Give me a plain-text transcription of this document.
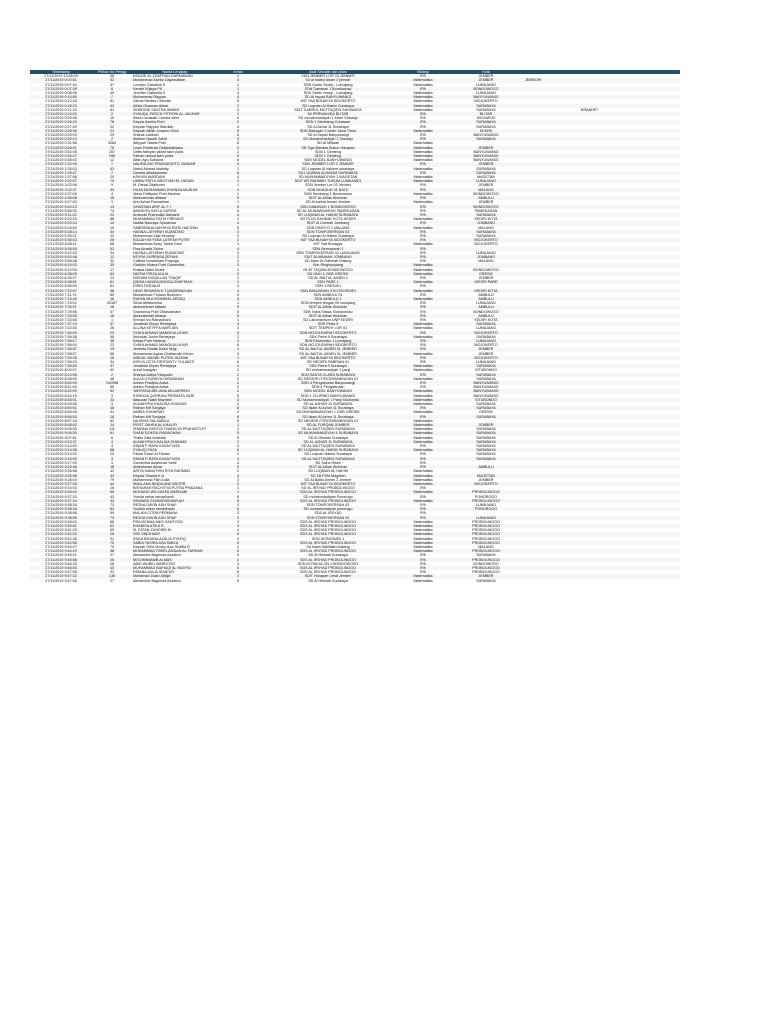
Timestamp	Pilihan Ke-Pengg	Nama Lengkap	Kelas	Asal Sekolah dan Alam	Bidang	Kota		
27/11/2019 13:56:09	36	KENZIE AL ZHAFRAN DARMAWAN	4	SDN JEMBER LOR 03 JEMBER	IPA	JEMBER		
27/11/2019 0:00:51	52	Muhammad Alvriliz Dayanustian	4	Sd al badrul anam 2 jember	Matematika	JEMBER	JEMBOH!	
27/11/2019 0:07:34	37	Lovelyn Caisalius S	1	SDN Santo Yosep - Lumajang	Matematika	LUMAJANG		
27/11/2019 0:07:39	6	Kenzie Wijaya PK	1	SDN Dabasah 1 Bondowoso	IPA	BONDOWOSO		
27/11/2019 0:08:06	49	Jennifer Gabriella S	3	SDK Santo Yosep - Lumajang	Matematika	LUMAJANG		
27/11/2019 0:10:55	7	Muhammad Rayyan	4	SD Al Irsyad BANYUWANGI	Matematika	BANYUWANGI		
27/11/2019 0:12:34	61	Zahria Medisa Celestia	5	MIT YAA BUNAYYA SIDOKERTO	Matematika	MOJOKERTO		
27/11/2019 0:18:23	43	Athila Ghassan Akbar	2	SD Luqman Al Hakim Surabaya	Matematika	SURABAYA		
27/11/2019 0:21:24	61	ZINEDINE SASTRA AKBAR	3	SDIT DARRUL MUTTAQIEN SURABAYA	Matematika	SURABAYA		BRANDE?
27/11/2019 0:24:03	2	SYAUQIL FATICH FITRONI AL-JAUHAR	1	MI PERWANIDA BLITAR	IPA	BLITAR		
27/11/2019 0:25:06	15	Kisra Lanasaki Candra dewi	6	SD muhammadiyah 1 Krian Sidoarjo	IPA	SIDOARJO		
27/11/2019 0:26:23	78	Keyzia Asmila Putri	2	SDN 1 Medeleng Cohawan	IPA	SURABAYA		
27/11/2019 0:27:09	22	Keyzah Rayyan Wardlah	4	SD Al Azhar 11 Surabaya	IPA	SURABAYA		
27/11/2019 0:28:36	21	Keyzah Alifah Jusanto Sholi	5	SDN Baringan 2 kediri Jawa Timur	Matematika	KEDIRI		
27/11/2019 0:29:03	29	Shania Labibah	6	SD Al Irsyad Banyuwangi	IPA	BANYUWANGI		
27/11/2019 0:30:23	2	Ibrahim Naufal Zahid	3	SD Muhammadiyah 1 Sidoarjo	IPA	SURABAYA		
27/11/2019 0:31:56	3084	Alfiyyah Tsabia Putri	6	SD Al Miftaah	Matematika			
27/11/2019 0:46:41	78	Louis Frederick Drajbotabijaan	2	SD Tiga Bahasa Bukun Harapan	Matematika	JEMBER		
27/11/2019 0:52:05	287	Daffa fathiyan akbar fakri putra	2	SDN 1 Genteng	Matematika	BANYUWANGI		
27/11/2019 0:54:27	156	Fathan ulwiza fakri putra	5	SDN 1 Genteng	Matematika	BANYUWANGI		
27/11/2019 0:58:03	12	Alfan Ayu Subakra	6	SDN MODEL BANYUWANGI	Matematika	BANYUWANGI		
27/11/2019 1:20:09	7	NAUFALINO PRAMUDIHTO JANUAR	4	SDN JEMBER LOR 3 JEMBER	IPA	JEMBER		
27/11/2019 1:26:03	63	Naruli Ahmad khalidty	1	SD Luqman Al hakiem surabaya	Matematika	SURABAYA		
27/11/2019 1:29:47	7	Daroba alfadlauneas	6	SD LUQMAN ALHAKIM SURABAYA	IPA	SURABAYA		
27/11/2019 1:37:58	20	ASHVIN WARDANI	4	SD MUHAMMADIYAH 1 MAGETAN	Matematika	MAGETAN		
27/11/2019 2:02:07	79	UMMU FATHI ZAKIYYAH EL HASAN	3	SDIT AR RAHMAH TUKUM LUMAJANG	Matematika	LUMAJANG		
27/11/2019 3:02:06	9	M. Faisal Zitathown	1	SDN Jember Lor 03 Jember	IPA	JEMBER		
27/11/2019 3:32:37	33	HILMI MUHAMMAD KHANSA MUSLIM	4	SDN NGAGLIK 01 BATU	IPA	MALANG		
27/11/2019 3:37:09	4	Vieva Faffiyutul Putri Aizahra	1	SDN Kembang 1 Bondowoso	Matematika	BONDOWOSO		
27/11/2019 4:56:08	18	Abdurahman alfasar	5	SDIT Al-Athas Wuluhan	IPA	AMBULU		
27/11/2019 5:07:02	1	Ann Azhar Ramadhan	1	SD Al-baihal Amani Jember	Matematika	JEMBER		
27/11/2019 5:40:13	13	GHASSAN ARIF AL F. I	6	SDN DABASAH 1 BONDOWOSO	IPA	BONDOWOSO		
27/11/2019 5:56:30	74	ANINDITA SAYLA SAFIRA	6	SD AL MUNAWWARAH PAMEKASAN	IPA	PAMEKASAN		
27/11/2019 5:11:03	23	Amanda Pramodita Darsanti	4	SD LUQMAN AL HAKIM SURABAYA	IPA	SURABAYA		
27/11/2019 5:20:15	88	MUHAMMAD FATIH FIRDAUS	2	SD PLUS RAHMAT KOTA KEDIRI	Matematika	KEDIRI KOTA		
27/11/2019 5:22:34	14	Nabila Nauraya Syaravina	4	SDIT Al Ummah Jombang	IPA	JOMBANG		
27/11/2019 5:26:00	10	SABRIENNA NASHIYA RIZKI HAFIZAH	5	SDN DINOYO 1 MALANG	Matematika	MALANG		
27/11/2019 5:28:14	34	HASNA LATHIFAH SUANDINO	3	SDN TOMPOKERSAN 03	IPA	SURABAYA		
27/11/2019 5:35:21	13	Muhammad Zaki Munduy	2	SD Luqman Al Hakim Surabaya	IPA	SURABAYA		
27/11/2019 5:36:03	26	KIZLAH KEYSHA LATIFAH PUTRI	2	MIT YAA BUNAYYA SIDOKERTO	IPA	MOJOKERTO		
27/11/2019 5:38:11	68	Muhammad Azizy Taufal Gani	1	MIT Yaa Bunayya	Matematika	MOJOKERTO		
27/11/2019 5:38:55	51	Fina Amalia Zahra	4	SDN Bernoporan 1	IPA			
27/11/2019 5:42:33	34	HASNA LATHIFAH SUANDINO	3	SDN TOMPOKERSAN 03 LUMAJANG	IPA	LUMAJANG		
27/11/2019 5:53:48	12	KEYRA SURENSA ZEFANI	2	SDIT ALMINHAH JOMBANG	IPA	JOMBANG		
27/11/2019 5:58:48	32	Callista Nuraidham Prayoga	2	SD Alam Ar Rahmah Malang	IPA	MALANG		
27/11/2019 6:15:03	35	Gladhio Kirana Putri Gumendra	3	Sdn Ringinpoyang	Matematika			
27/11/2019 6:22:05	17	Khaisa Natul Kirani	1	MI AT TAQWA BONDOWOSO	Matematika	BONDOWOSO		
27/11/2019 6:28:09	64	NAYRA FIRZA AULIA	3	SD MUH 1 GKB GRESIK	Matematika	GRESIK		
27/11/2019 6:36:37	13	NIZHAM RIZQILLAH TSAQIF	2	SD AL BAITUL AMIEN 2	IPA	JEMBER		
27/11/2019 6:38:01	61	QINSA HANIFA MUNGA ZHAFIRAH	1	SDN PARE 1	Matematika	KEDIRI PARE		
27/11/2019 6:56:00	51	DIRIN FIRDAUS	2	SDN 1 BESUKI	IPA			
27/11/2019 7:10:07	38	DEWI SEKARAYU TJANDRAWLAN	4	SDN BANJARAN II KOTA KEDIRI	Matematika	KEDIRI KOTA		
27/11/2019 7:11:74	69	Muhammad Firdaus Bushoiro	5	SDN AMBULU 01	IPA	AMBULU		
27/11/2019 7:15:49	16	RAFAN MUCHSINIRAL ARZAQ	5	SDN AMBULU 1	Matematika	AMBULU		
27/11/2019 7:19:02	03187	Silvia Afifatunnisa	1	SDN tempeh tengah 05 lumajang	IPA	LUMAJANG		
27/11/2019 7:26:21	18	abdurahman alfasar	5	SDIT Al-Athas Wuluhan	IPA	AMBULU		
27/11/2019 7:29:55	37	Grazianna Putri Oktaviantara	5	SDK Indra Siswa, Bondowoso	IPA	BONDOWOSO		
27/11/2019 7:33:05	18	Abdurahman Alfasar	5	SDIT Al-Athas Wuluhan	IPA	AMBULU		
27/11/2019 7:33:56	1	Khmad Ivo Ramadhani	1	SD Laboratorium UNP KEDIRI	IPA	KEDIRI KOTA		
27/11/2019 7:37:19	37	Jonathan Bryan Reniejaya	4	SDK Petra 9	Matematika	SURABAYA		
27/11/2019 7:42:00	26	ALLINA KEYFFA MARLIAN	3	SDIT TEMPEH LOR 01	Matematika	LUMAJANG		
27/11/2019 7:50:09	23	SYAHLAHMAD MANGKULUHUR	6	SDN MOJOLEMPAH SIDOKERTO	IPA	MOJOKERTO		
27/11/2019 7:56:38	96	Nicholas Justin Reniejaya	2	SDK Petra 9 Surabaya	Matematika	SURABAYA		
27/11/2019 7:56:17	38	Kesya Putri Hadima	3	SDN Ekstrumbo 1 Lumajang	IPA	LUMAJANG		
27/11/2019 7:56:04	23	SYAHLAHMAD MANGKULUHUR	6	SDN MOJOLEMPAH SIDOKERTO	IPA	MOJOKERTO		
27/11/2019 7:58:57	19	Jeneeta Shafia Dzikri Nugi	1	SD AL BAITUL AMIEN 01 JEMBER	IPA	JEMBER		
27/11/2019 7:58:57	58	Muhammad Aghar Ghafarudin Nrtom	3	SD AL BAITUL AMIEN 01 JEMBER	Matematika	JEMBER		
27/11/2019 7:59:26	18	AINDAL NASAK PUTRA JAZEIMI	1	MIT YAA BUNAYYA SIDOKERTO	IPA	MOJOKERTO		
27/11/2019 7:59:23	34	KESYA OCTA FIRSTANTY YULIANTI	6	SD NEGERI PABRIAN 01	IPA	LUMAJANG		
27/11/2019 7:56:53	37	Jonathan Bryan Reniejaya	4	SDK Petra 9 Surabaya	Matematika	SURABAYA		
27/11/2019 8:00:07	42	Ariraf Ivaqiyah	2	SD muhammadiyah 1 panji	Matematika	SITUBONDO		
27/11/2019 8:10:55	2	Shanya Adilya Vituyadiu	2	SDN SANTA CLARA SURABAYA	IPA	SURABAYA		
27/11/2019 8:38:05	48	AULIA UTUNNYIU BISWANAH	2	SD NEGERI OTRODIRANINGAN 01	Matematika	SURABAYA		
27/11/2019 8:40:00	142058	Adrian Pradipta Adiva	2	SDN 4 Pengatrusan Banyuwangi	IPA	BANYUWANGI		
27/11/2019 8:41:00	59	Adrian Pradipta Adiva	2	SDN 4 Pengatrusan	IPA	BANYUWANGI		
27/11/2019 8:42:00	52	TARSSIVA BELIANA AKLAIRREDI	2	SDN MODEL BANYUWANGI	Matematika	BANYUWANGI		
27/11/2019 8:44:15	3	ESSINZA QURRANI PERMATA SARI	5	SDN 1 CLURING BANYUWANGI	Matematika	BANYUWANGI		
27/11/2019 8:48:01	23	Alfauzan Nabil Mayhew	3	SD Muhammadiyah 1 Panji Situbondo	Matematika	SITUBONDO		
27/11/2019 8:48:05	3	ALMAHYRA KHALISA SHANUM	2	SD AL AZHAR 11 SURABAYA	Matematika	SURABAYA		
27/11/2019 8:50:01	16	Raihan Kift Sanjaya	6	SD Islam Al Azhar 11 Surabaya	IPA	SURABAYA		
27/11/2019 8:56:46	41	AMIRA SYAHIRAH	2	SD MUHAMMADIYAH 1 GKB GRESIK	Matematika	GRESIK		
27/11/2019 8:56:50	16	Raihan Kift Sanjaya	6	SD Islam Al Azhar 11 Surabaya	IPA	SURABAYA		
27/11/2019 8:57:18	62	NAJISHA SALSABILA	5	SD NEGERI OTRODIRANINGAN 01	Matematika			
27/11/2019 8:58:02	14	FIRST ZAHRA AL KHALIFI	1	SD AL FURQAN JEMBER	Matematika	JEMBER		
27/11/2019 9:05:00	111	ZHANNA FAEZYA THAFALYA PRAHASTUTI	2	SD AL MUTTAQIEN SURABAYA	Matematika	SURABAYA		
27/11/2019 9:06:30	61	SHAM DZIKRU RAMADHAN	5	SD MUHAMMADIYAH 4 SURABAYA	Matematika	SURABAYA		
27/11/2019 9:07:51	6	Thalia Zafa Anandia	5	SD Al Hikmah Surabaya	Matematika	SURABAYA		
27/11/2019 9:13:37	3	ALMAHYRA KHALISA SHANUM	2	SD AL AZHAR 11 SURABAYA	Matematika	SURABAYA		
27/11/2019 9:14:00	4	KINANTI RAFA KASAYYATA	3	SD AL MUTTAQIEN SURABAYA	IPA	SURABAYA		
27/11/2019 9:14:38	68	SYAUQI FAZA	6	SD LUQMAN AL HAKIM SURABAYA	Matematika	SURABAYA		
27/11/2019 9:14:52	20	Faizal Ghazi Al Fanani	2	SD Luqman Hakim Surabaya	IPA	SURABAYA		
27/11/2019 9:15:05	3	KINANTI RAFA KASAYYATA	3	SD AL MUTTAQIEN SURABAYA	IPA	SURABAYA		
27/11/2019 9:17:00	3	Gundhirsa Aziahmad Sesti	4	SD Sains Risen	IPA			
27/11/2019 9:25:38	18	Abdrahman Afizar	5	SDIT Al-Athas Wuluhan	IPA	AMBULU		
27/11/2019 9:26:58	43	ARIYA KAMUTHIN RIYA RAHMAN	2	SD LUQMAN AL HAKIM	Matematika			
27/11/2019 9:26:58	43	Keyzia Ghania K.A	4	SD 1B PSM Magetan	Matematika	MAGETAN		
27/11/2019 9:28:04	79	Muhammad Fikri Aulia	3	SD Al Baitul Amien 2 Jember	Matematika	JEMBER		
27/11/2019 9:27:05	44	MAULANA NINDILAND WATER	2	MIT YAA BUNAYYA SIDOKERTO	Matematika	MOJOKERTO		
27/11/2019 9:34:03	26	BISYARAH RACHITYA PUTRA PRADANA	1	SD AL IRSYAD PROBOLINGGO	IPA			
27/11/2019 9:36:00	66	MOHANO WILSHAFA WARDANI	1	SDS AL IRSYAD PROBOLINGGO	Matematika	PROBOLINGGO		
27/11/2019 9:37:33	43	Yusida sekar ramadhanti	6	SD muhammadiyah Ponorogo	IPA	PONOROGO		
27/11/2019 9:37:34	43	FAWWAS ZAHIDIRIZDAWLAH	5	SDS AL IRSYAD PROBOLINGGO	Matematika	PROBOLINGGO		
27/11/2019 9:38:34	73	REZHA DAVIN ASH SHAF	3	SDN TOMPOKERSAN 03	IPA	LUMAJANG		
27/11/2019 9:38:36	83	Yuslida sekar ramadhanti	6	SD muhammadiyah ponorogo	IPA	PONOROGO		
27/11/2019 9:38:58	59	MALIKA CITRA PERMANA	3	SDS AL IRSYAD	IPA			
27/11/2019 9:38:55	73	REZHA DAVIN ASH SHAF	3	SDN TOMPOKERSAN 03	IPA	LUMAJANG		
27/11/2019 9:39:02	66	PRAJATAMA ANIS SANTOSO	3	SDS AL IRSYAD PROBOLINGGO	Matematika	PROBOLINGGO		
27/11/2019 9:40:51	63	KHANISA ATIKA R.	4	SDS AL IRSYAD PROBOLINGGO	Matematika	PROBOLINGGO		
27/11/2019 9:41:29	69	M. FATAN ZUHDIRA M.	4	SDS AL IRSYAD PROBOLINGGO	Matematika	PROBOLINGGO		
27/11/2019 9:42:02	26	SIDI SINGHABY	6	SDS AL IRSYAD PROBOLINGGO	Matematika	PROBOLINGGO		
27/11/2019 9:42:38	31	KNSA RAYANA AZALIA SYAFIQ	3	SDN WONOSARI 1	Matematika	PROBOLINGGO		
27/11/2019 9:42:55	75	SABIA YASIRA ASA SMIKA	5	SDS AL IRSYAD PROBOLINGGO	Matematika	PROBOLINGGO		
27/11/2019 9:44:07	79	Keyzah Orila Vicoky Aziz Shaffia R	2	Sd Islam Sabillilah Malang	Matematika	MALANG		
27/11/2019 9:44:19	38	MUHAMMAD FARELZAIDAN AL FARHAN	5	SDS AL IRSYAD PROBOLINGGO	Matematika	PROBOLINGGO		
27/11/2019 9:45:21	27	Alexandria Bagenda Azzahra	5	SD Al Hikmah Surabaya	IPA	SURABAYA		
27/11/2019 9:45:58	26	MOCHMMAMB ALMAS	2	SDS AL IRSYAD PROBOLINGGO	IPA	PROBOLINGGO		
27/11/2019 9:46:30	26	ABID WUBIU WARDOSO	3	SDN KOTAKULON 1 BONDOWOSO	IPA	BONDOWOSO		
27/11/2019 9:46:50	43	MUHAMMAD BAIHAQI AL RASYID	5	SDS AL IRSYAD PROBOLINGGO	IPA	PROBOLINGGO		
27/11/2019 9:47:05	33	KIRANA AULIA SHAFUR	6	SDS AL IRSYAD PROBOLINGGO	IPA	PROBOLINGGO		
27/11/2019 9:47:32	136	Muhamad Zidan Alfajiri	2	SDIT Harapan Umat Jember	Matematika	JEMBER		
27/11/2019 9:47:56	27	Alexandria Bagenda Azzahra	5	SD Al Hikmah Surabaya	Matematika	SURABAYA		
